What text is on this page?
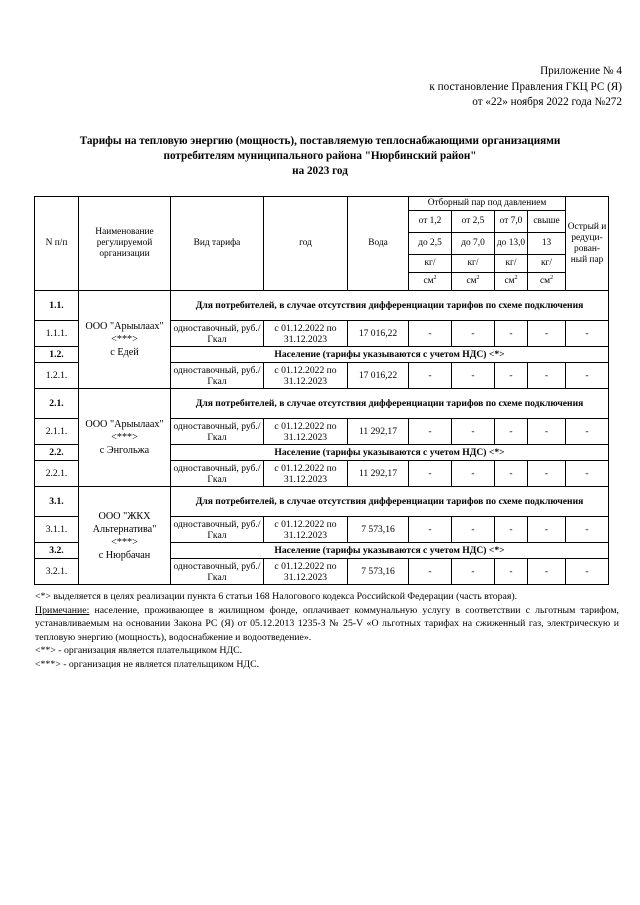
Приложение № 4
к постановление Правления ГКЦ РС (Я)
от «22» ноября 2022 года №272
Тарифы на тепловую энергию (мощность), поставляемую теплоснабжающими организациями
потребителям муниципального района "Нюрбинский район"
на 2023 год
N п/п	Наименование регулируемой организации	Вид тарифа	год	Вода	Отборный пар под давлением				Острый и редуци-рован-ный пар
					от 1,2	от 2,5	от 7,0	свыше	
					до 2,5	до 7,0	до 13,0	13	
					кг/	кг/	кг/	кг/	
					$см^2$	$см^2$	$см^2$	$см^2$
1.1.	ООО "Арыылаах"
<***>
с Едей	Для потребителей, в случае отсутствия дифференциации тарифов по схеме подключения							
1.1.1.		одноставочный, руб./Гкал	с 01.12.2022 по 31.12.2023	17 016,22	-	-	-	-	-
1.2.		Население (тарифы указываются с учетом НДС) <*>							
1.2.1.		одноставочный, руб./Гкал	с 01.12.2022 по 31.12.2023	17 016,22	-	-	-	-	-
2.1.	ООО "Арыылаах"
<***>
с Энгольжа	Для потребителей, в случае отсутствия дифференциации тарифов по схеме подключения							
2.1.1.		одноставочный, руб./Гкал	с 01.12.2022 по 31.12.2023	11 292,17	-	-	-	-	-
2.2.		Население (тарифы указываются с учетом НДС) <*>							
2.2.1.		одноставочный, руб./Гкал	с 01.12.2022 по 31.12.2023	11 292,17	-	-	-	-	-
3.1.	ООО "ЖКХ Альтернатива"
<***>
с Нюрбачан	Для потребителей, в случае отсутствия дифференциации тарифов по схеме подключения							
3.1.1.		одноставочный, руб./Гкал	с 01.12.2022 по 31.12.2023	7 573,16	-	-	-	-	-
3.2.		Население (тарифы указываются с учетом НДС) <*>							
3.2.1.		одноставочный, руб./Гкал	с 01.12.2022 по 31.12.2023	7 573,16	-	-	-	-	-

<*> выделяется в целях реализации пункта 6 статьи 168 Налогового кодекса Российской Федерации (часть вторая).

Примечание: население, проживающее в жилищном фонде, оплачивает коммунальную услугу в соответствии с льготным тарифом, устанавливаемым на основании Закона РС (Я) от 05.12.2013 1235-З № 25-V «О льготных тарифах на сжиженный газ, электрическую и тепловую энергию (мощность), водоснабжение и водоотведение».

<**> - организация является плательщиком НДС.

<***> - организация не является плательщиком НДС.
